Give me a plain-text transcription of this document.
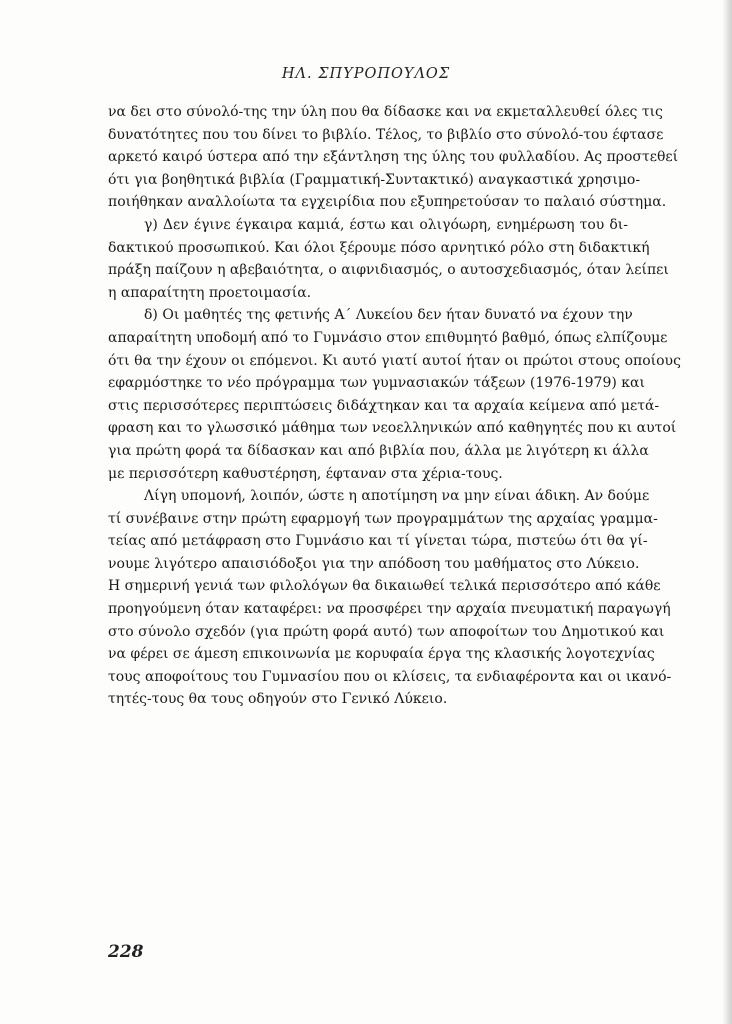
ΗΛ. ΣΠΥΡΟΠΟΥΛΟΣ
να δει στο σύνολό-της την ύλη που θα δίδασκε και να εκμεταλλευθεί όλες τις
δυνατότητες που του δίνει το βιβλίο. Τέλος, το βιβλίο στο σύνολό-του έφτασε
αρκετό καιρό ύστερα από την εξάντληση της ύλης του φυλλαδίου. Ας προστεθεί
ότι για βοηθητικά βιβλία (Γραμματική-Συντακτικό) αναγκαστικά χρησιμο-
ποιήθηκαν αναλλοίωτα τα εγχειρίδια που εξυπηρετούσαν το παλαιό σύστημα.
γ) Δεν έγινε έγκαιρα καμιά, έστω και ολιγόωρη, ενημέρωση του δι-
δακτικού προσωπικού. Και όλοι ξέρουμε πόσο αρνητικό ρόλο στη διδακτική
πράξη παίζουν η αβεβαιότητα, ο αιφνιδιασμός, ο αυτοσχεδιασμός, όταν λείπει
η απαραίτητη προετοιμασία.
δ) Οι μαθητές της φετινής Α΄ Λυκείου δεν ήταν δυνατό να έχουν την
απαραίτητη υποδομή από το Γυμνάσιο στον επιθυμητό βαθμό, όπως ελπίζουμε
ότι θα την έχουν οι επόμενοι. Κι αυτό γιατί αυτοί ήταν οι πρώτοι στους οποίους
εφαρμόστηκε το νέο πρόγραμμα των γυμνασιακών τάξεων (1976-1979) και
στις περισσότερες περιπτώσεις διδάχτηκαν και τα αρχαία κείμενα από μετά-
φραση και το γλωσσικό μάθημα των νεοελληνικών από καθηγητές που κι αυτοί
για πρώτη φορά τα δίδασκαν και από βιβλία που, άλλα με λιγότερη κι άλλα
με περισσότερη καθυστέρηση, έφταναν στα χέρια-τους.
Λίγη υπομονή, λοιπόν, ώστε η αποτίμηση να μην είναι άδικη. Αν δούμε
τί συνέβαινε στην πρώτη εφαρμογή των προγραμμάτων της αρχαίας γραμμα-
τείας από μετάφραση στο Γυμνάσιο και τί γίνεται τώρα, πιστεύω ότι θα γί-
νουμε λιγότερο απαισιόδοξοι για την απόδοση του μαθήματος στο Λύκειο.
Η σημερινή γενιά των φιλολόγων θα δικαιωθεί τελικά περισσότερο από κάθε
προηγούμενη όταν καταφέρει: να προσφέρει την αρχαία πνευματική παραγωγή
στο σύνολο σχεδόν (για πρώτη φορά αυτό) των αποφοίτων του Δημοτικού και
να φέρει σε άμεση επικοινωνία με κορυφαία έργα της κλασικής λογοτεχνίας
τους αποφοίτους του Γυμνασίου που οι κλίσεις, τα ενδιαφέροντα και οι ικανό-
τητές-τους θα τους οδηγούν στο Γενικό Λύκειο.
228
